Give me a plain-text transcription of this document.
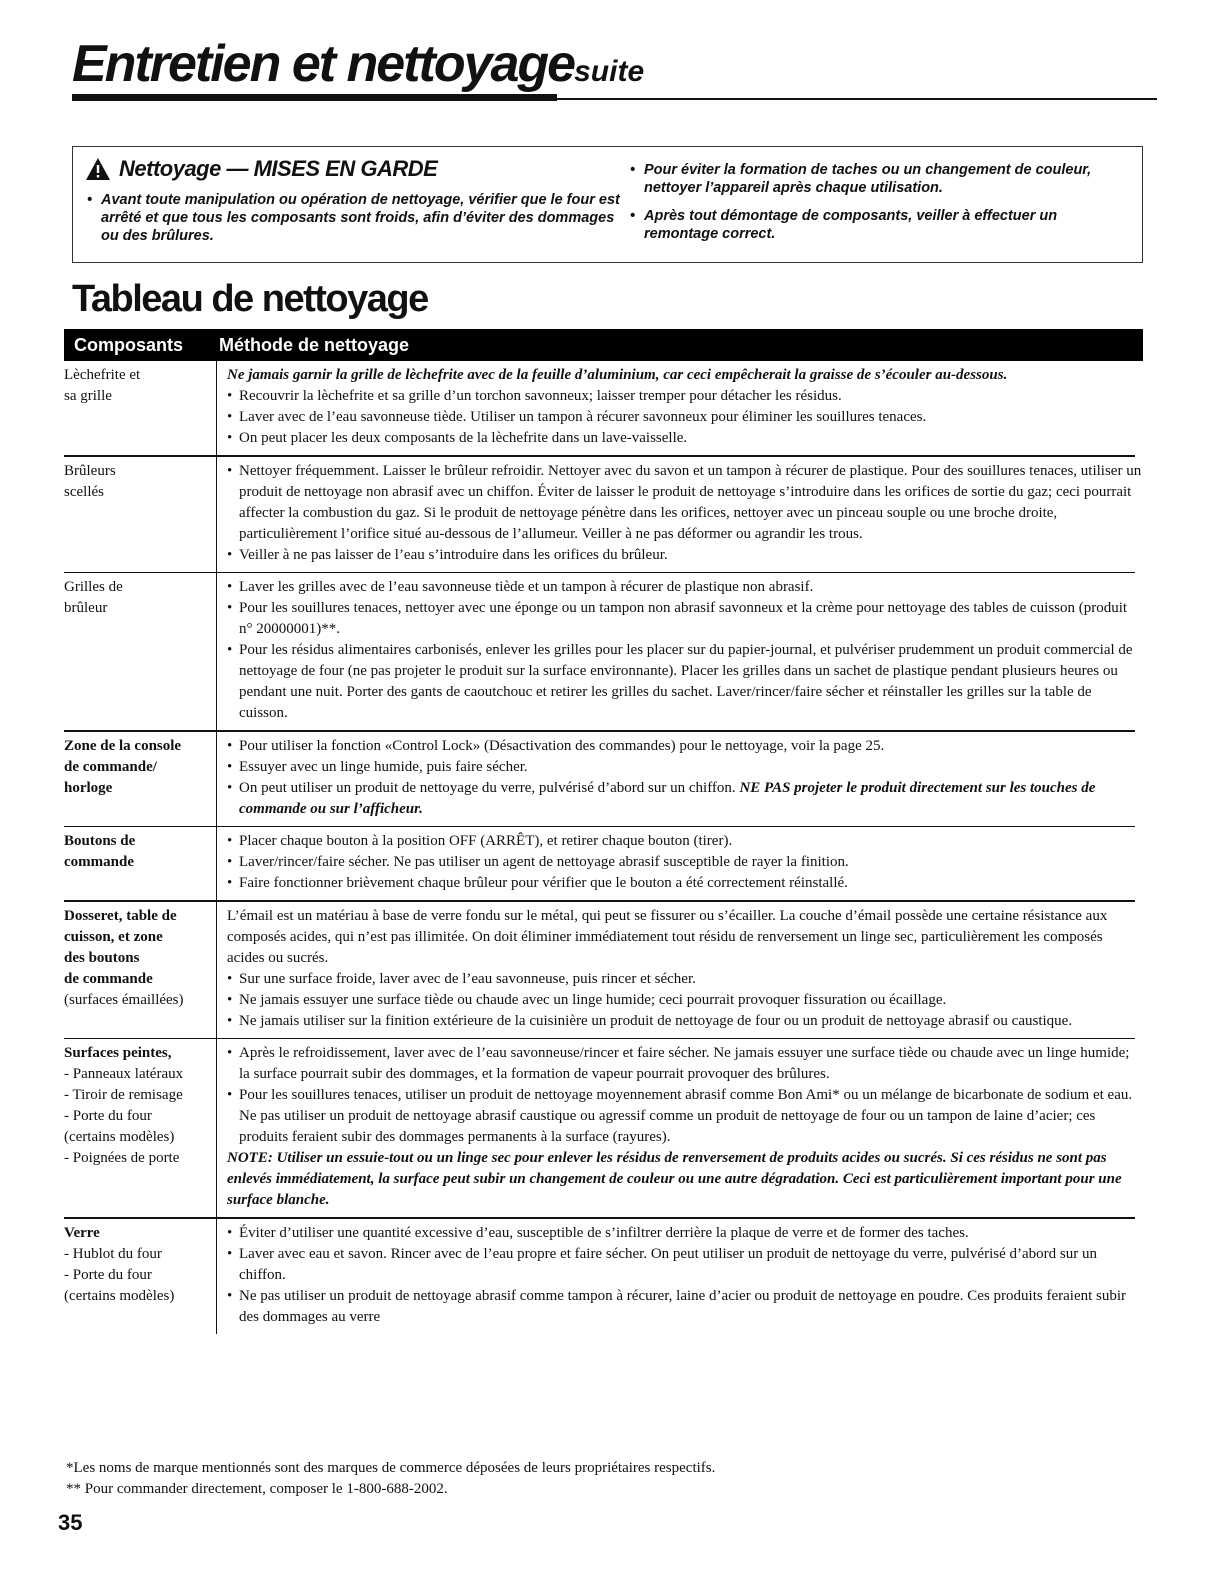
Entretien et nettoyagesuite
Nettoyage — MISES EN GARDE
• Avant toute manipulation ou opération de nettoyage, vérifier que le four est arrêté et que tous les composants sont froids, afin d’éviter des dommages ou des brûlures.
• Pour éviter la formation de taches ou un changement de couleur, nettoyer l’appareil après chaque utilisation.
• Après tout démontage de composants, veiller à effectuer un remontage correct.
Tableau de nettoyage
Composants	Méthode de nettoyage
Lèchefrite et
sa grille

Ne jamais garnir la grille de lèchefrite avec de la feuille d’aluminium, car ceci empêcherait la graisse de s’écouler au-dessous.

• Recouvrir la lèchefrite et sa grille d’un torchon savonneux; laisser tremper pour détacher les résidus.
• Laver avec de l’eau savonneuse tiède. Utiliser un tampon à récurer savonneux pour éliminer les souillures tenaces.
• On peut placer les deux composants de la lèchefrite dans un lave-vaisselle.
Brûleurs
scellés
• Nettoyer fréquemment. Laisser le brûleur refroidir. Nettoyer avec du savon et un tampon à récurer de plastique. Pour des souillures tenaces, utiliser un produit de nettoyage non abrasif avec un chiffon. Éviter de laisser le produit de nettoyage s’introduire dans les orifices de sortie du gaz; ceci pourrait affecter la combustion du gaz. Si le produit de nettoyage pénètre dans les orifices, nettoyer avec un pinceau souple ou une broche droite, particulièrement l’orifice situé au-dessous de l’allumeur. Veiller à ne pas déformer ou agrandir les trous.
• Veiller à ne pas laisser de l’eau s’introduire dans les orifices du brûleur.
Grilles de
brûleur
• Laver les grilles avec de l’eau savonneuse tiède et un tampon à récurer de plastique non abrasif.
• Pour les souillures tenaces, nettoyer avec une éponge ou un tampon non abrasif savonneux et la crème pour nettoyage des tables de cuisson (produit n° 20000001)**.
• Pour les résidus alimentaires carbonisés, enlever les grilles pour les placer sur du papier-journal, et pulvériser prudemment un produit commercial de nettoyage de four (ne pas projeter le produit sur la surface environnante). Placer les grilles dans un sachet de plastique pendant plusieurs heures ou pendant une nuit. Porter des gants de caoutchouc et retirer les grilles du sachet. Laver/rincer/faire sécher et réinstaller les grilles sur la table de cuisson.
Zone de la console
de commande/
horloge
• Pour utiliser la fonction «Control Lock» (Désactivation des commandes) pour le nettoyage, voir la page 25.
• Essuyer avec un linge humide, puis faire sécher.
• On peut utiliser un produit de nettoyage du verre, pulvérisé d’abord sur un chiffon. NE PAS projeter le produit directement sur les touches de commande ou sur l’afficheur.
Boutons de
commande
• Placer chaque bouton à la position OFF (ARRÊT), et retirer chaque bouton (tirer).
• Laver/rincer/faire sécher. Ne pas utiliser un agent de nettoyage abrasif susceptible de rayer la finition.
• Faire fonctionner brièvement chaque brûleur pour vérifier que le bouton a été correctement réinstallé.
Dosseret, table de
cuisson, et zone
des boutons
de commande
(surfaces émaillées)

L’émail est un matériau à base de verre fondu sur le métal, qui peut se fissurer ou s’écailler. La couche d’émail possède une certaine résistance aux composés acides, qui n’est pas illimitée. On doit éliminer immédiatement tout résidu de renversement un linge sec, particulièrement les composés acides ou sucrés.

• Sur une surface froide, laver avec de l’eau savonneuse, puis rincer et sécher.
• Ne jamais essuyer une surface tiède ou chaude avec un linge humide; ceci pourrait provoquer fissuration ou écaillage.
• Ne jamais utiliser sur la finition extérieure de la cuisinière un produit de nettoyage de four ou un produit de nettoyage abrasif ou caustique.
Surfaces peintes,
- Panneaux latéraux
- Tiroir de remisage
- Porte du four
(certains modèles)
- Poignées de porte
• Après le refroidissement, laver avec de l’eau savonneuse/rincer et faire sécher. Ne jamais essuyer une surface tiède ou chaude avec un linge humide; la surface pourrait subir des dommages, et la formation de vapeur pourrait provoquer des brûlures.
• Pour les souillures tenaces, utiliser un produit de nettoyage moyennement abrasif comme Bon Ami* ou un mélange de bicarbonate de sodium et eau. Ne pas utiliser un produit de nettoyage abrasif caustique ou agressif comme un produit de nettoyage de four ou un tampon de laine d’acier; ces produits feraient subir des dommages permanents à la surface (rayures).

NOTE: Utiliser un essuie-tout ou un linge sec pour enlever les résidus de renversement de produits acides ou sucrés. Si ces résidus ne sont pas enlevés immédiatement, la surface peut subir un changement de couleur ou une autre dégradation. Ceci est particulièrement important pour une surface blanche.

Verre
- Hublot du four
- Porte du four
(certains modèles)
• Éviter d’utiliser une quantité excessive d’eau, susceptible de s’infiltrer derrière la plaque de verre et de former des taches.
• Laver avec eau et savon. Rincer avec de l’eau propre et faire sécher. On peut utiliser un produit de nettoyage du verre, pulvérisé d’abord sur un chiffon.
• Ne pas utiliser un produit de nettoyage abrasif comme tampon à récurer, laine d’acier ou produit de nettoyage en poudre. Ces produits feraient subir des dommages au verre
*Les noms de marque mentionnés sont des marques de commerce déposées de leurs propriétaires respectifs.
** Pour commander directement, composer le 1-800-688-2002.
35
